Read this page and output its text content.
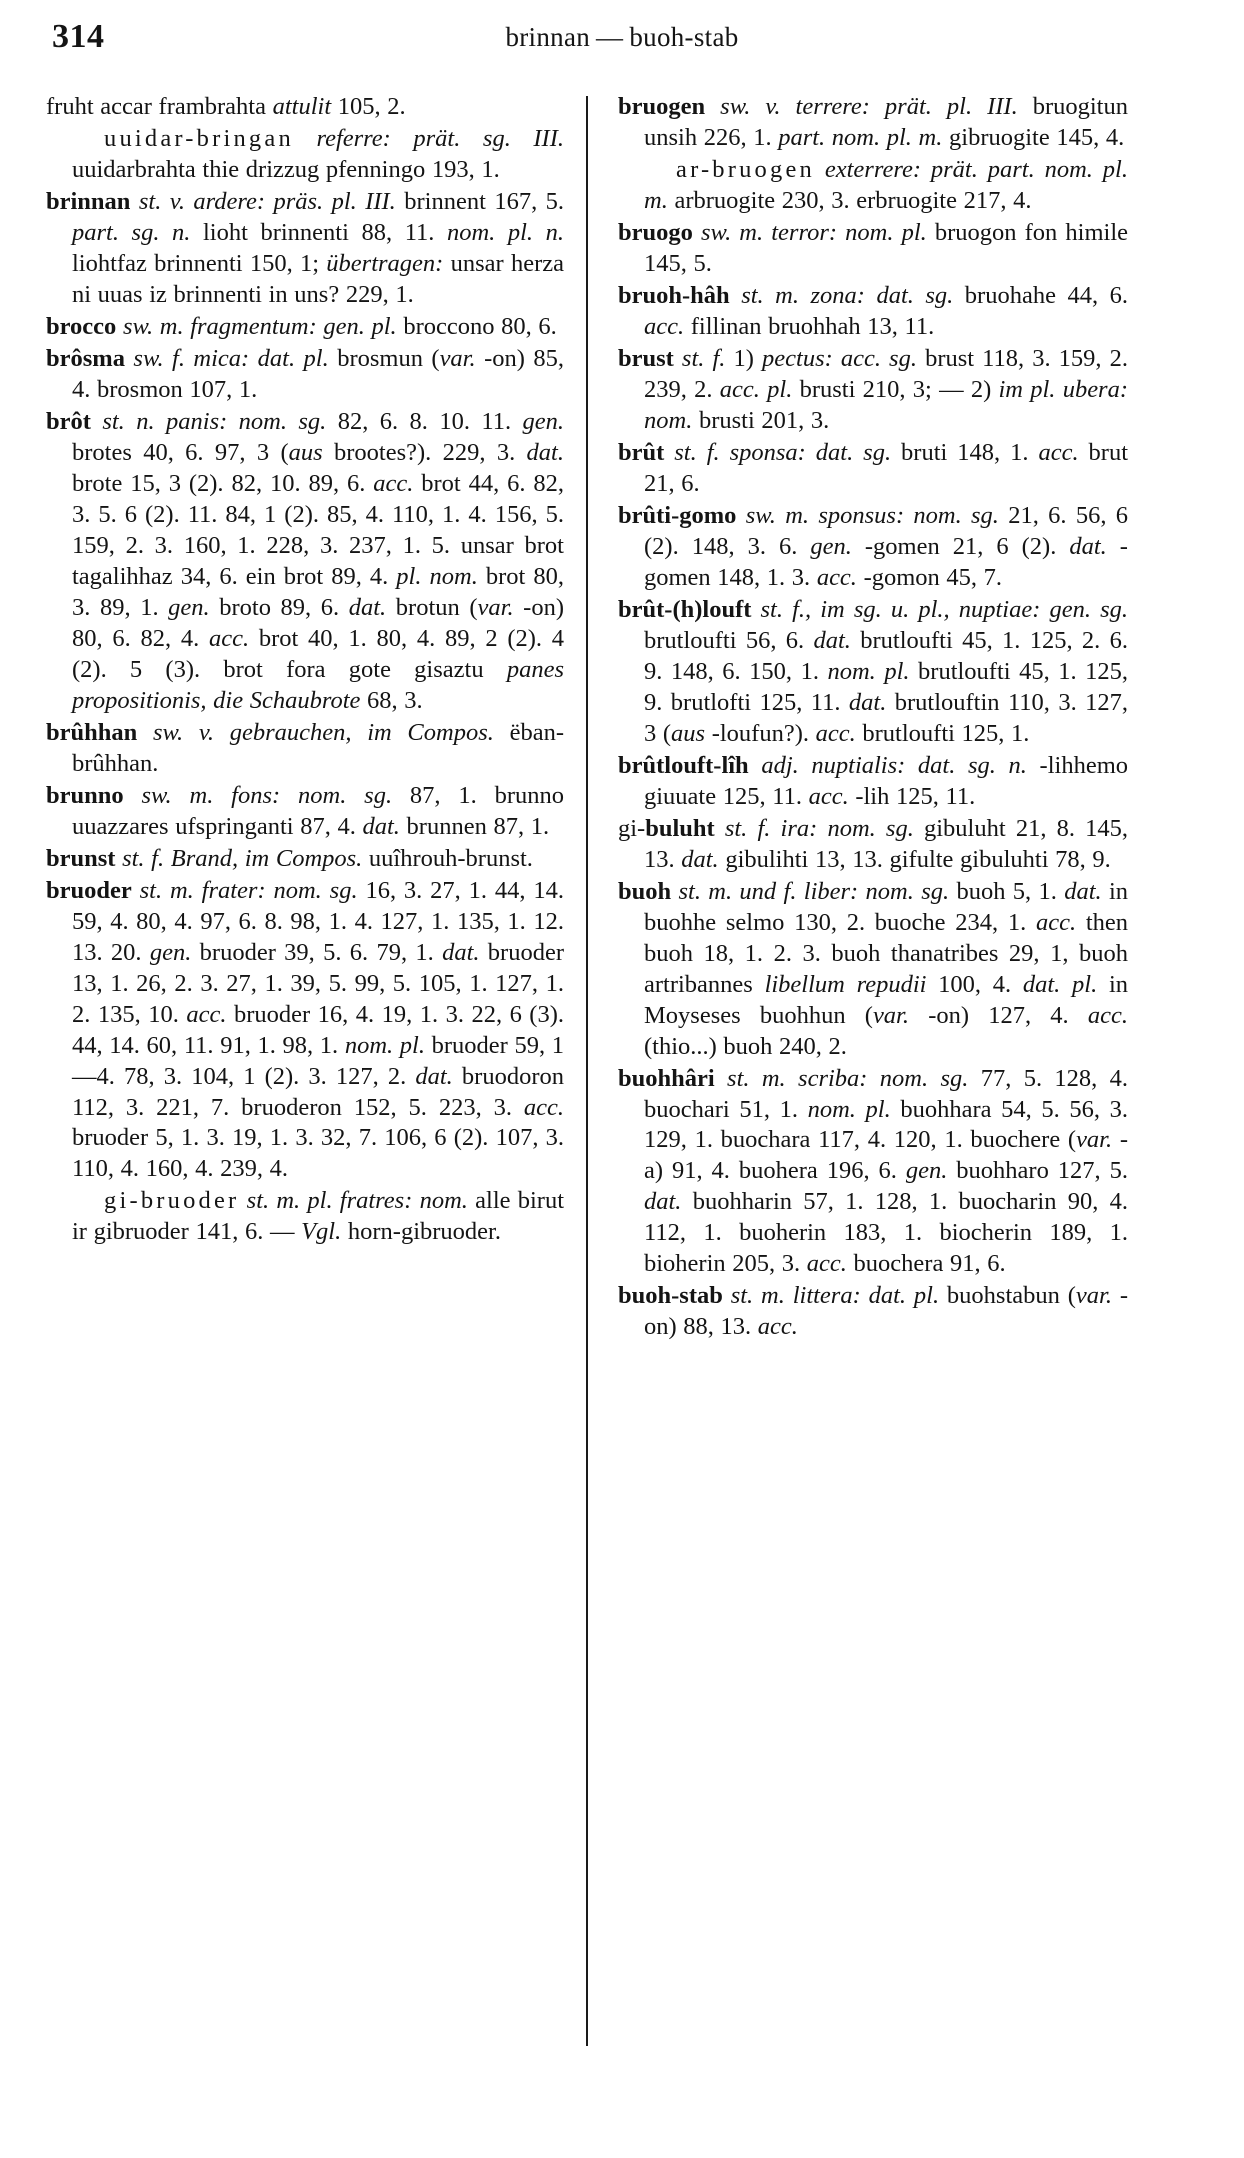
314	brinnan — buoh-stab

fruht accar frambrahta attulit 105, 2.

uuidar-bringan referre: prät. sg. III. uuidarbrahta thie drizzug pfenningo 193, 1.

brinnan st. v. ardere: präs. pl. III. brinnent 167, 5. part. sg. n. lioht brinnenti 88, 11. nom. pl. n. liohtfaz brinnenti 150, 1; übertragen: unsar herza ni uuas iz brinnenti in uns? 229, 1.

brocco sw. m. fragmentum: gen. pl. broccono 80, 6.

brôsma sw. f. mica: dat. pl. brosmun (var. -on) 85, 4. brosmon 107, 1.

brôt st. n. panis: nom. sg. 82, 6. 8. 10. 11. gen. brotes 40, 6. 97, 3 (aus brootes?). 229, 3. dat. brote 15, 3 (2). 82, 10. 89, 6. acc. brot 44, 6. 82, 3. 5. 6 (2). 11. 84, 1 (2). 85, 4. 110, 1. 4. 156, 5. 159, 2. 3. 160, 1. 228, 3. 237, 1. 5. unsar brot tagalihhaz 34, 6. ein brot 89, 4. pl. nom. brot 80, 3. 89, 1. gen. broto 89, 6. dat. brotun (var. -on) 80, 6. 82, 4. acc. brot 40, 1. 80, 4. 89, 2 (2). 4 (2). 5 (3). brot fora gote gisaztu panes propositionis, die Schaubrote 68, 3.

brûhhan sw. v. gebrauchen, im Compos. ëban-brûhhan.

brunno sw. m. fons: nom. sg. 87, 1. brunno uuazzares ufspringanti 87, 4. dat. brunnen 87, 1.

brunst st. f. Brand, im Compos. uuîhrouh-brunst.

bruoder st. m. frater: nom. sg. 16, 3. 27, 1. 44, 14. 59, 4. 80, 4. 97, 6. 8. 98, 1. 4. 127, 1. 135, 1. 12. 13. 20. gen. bruoder 39, 5. 6. 79, 1. dat. bruoder 13, 1. 26, 2. 3. 27, 1. 39, 5. 99, 5. 105, 1. 127, 1. 2. 135, 10. acc. bruoder 16, 4. 19, 1. 3. 22, 6 (3). 44, 14. 60, 11. 91, 1. 98, 1. nom. pl. bruoder 59, 1—4. 78, 3. 104, 1 (2). 3. 127, 2. dat. bruodoron 112, 3. 221, 7. bruoderon 152, 5. 223, 3. acc. bruoder 5, 1. 3. 19, 1. 3. 32, 7. 106, 6 (2). 107, 3. 110, 4. 160, 4. 239, 4.

gi-bruoder st. m. pl. fratres: nom. alle birut ir gibruoder 141, 6. — Vgl. horn-gibruoder.

bruogen sw. v. terrere: prät. pl. III. bruogitun unsih 226, 1. part. nom. pl. m. gibruogite 145, 4.

ar-bruogen exterrere: prät. part. nom. pl. m. arbruogite 230, 3. erbruogite 217, 4.

bruogo sw. m. terror: nom. pl. bruogon fon himile 145, 5.

bruoh-hâh st. m. zona: dat. sg. bruohahe 44, 6. acc. fillinan bruohhah 13, 11.

brust st. f. 1) pectus: acc. sg. brust 118, 3. 159, 2. 239, 2. acc. pl. brusti 210, 3; — 2) im pl. ubera: nom. brusti 201, 3.

brût st. f. sponsa: dat. sg. bruti 148, 1. acc. brut 21, 6.

brûti-gomo sw. m. sponsus: nom. sg. 21, 6. 56, 6 (2). 148, 3. 6. gen. -gomen 21, 6 (2). dat. -gomen 148, 1. 3. acc. -gomon 45, 7.

brût-(h)louft st. f., im sg. u. pl., nuptiae: gen. sg. brutloufti 56, 6. dat. brutloufti 45, 1. 125, 2. 6. 9. 148, 6. 150, 1. nom. pl. brutloufti 45, 1. 125, 9. brutlofti 125, 11. dat. brutlouftin 110, 3. 127, 3 (aus -loufun?). acc. brutloufti 125, 1.

brûtlouft-lîh adj. nuptialis: dat. sg. n. -lihhemo giuuate 125, 11. acc. -lih 125, 11.

gi-buluht st. f. ira: nom. sg. gibuluht 21, 8. 145, 13. dat. gibulihti 13, 13. gifulte gibuluhti 78, 9.

buoh st. m. und f. liber: nom. sg. buoh 5, 1. dat. in buohhe selmo 130, 2. buoche 234, 1. acc. then buoh 18, 1. 2. 3. buoh thanatribes 29, 1, buoh artribannes libellum repudii 100, 4. dat. pl. in Moyseses buohhun (var. -on) 127, 4. acc. (thio...) buoh 240, 2.

buohhâri st. m. scriba: nom. sg. 77, 5. 128, 4. buochari 51, 1. nom. pl. buohhara 54, 5. 56, 3. 129, 1. buochara 117, 4. 120, 1. buochere (var. -a) 91, 4. buohera 196, 6. gen. buohharo 127, 5. dat. buohharin 57, 1. 128, 1. buocharin 90, 4. 112, 1. buoherin 183, 1. biocherin 189, 1. bioherin 205, 3. acc. buochera 91, 6.

buoh-stab st. m. littera: dat. pl. buohstabun (var. -on) 88, 13. acc.
